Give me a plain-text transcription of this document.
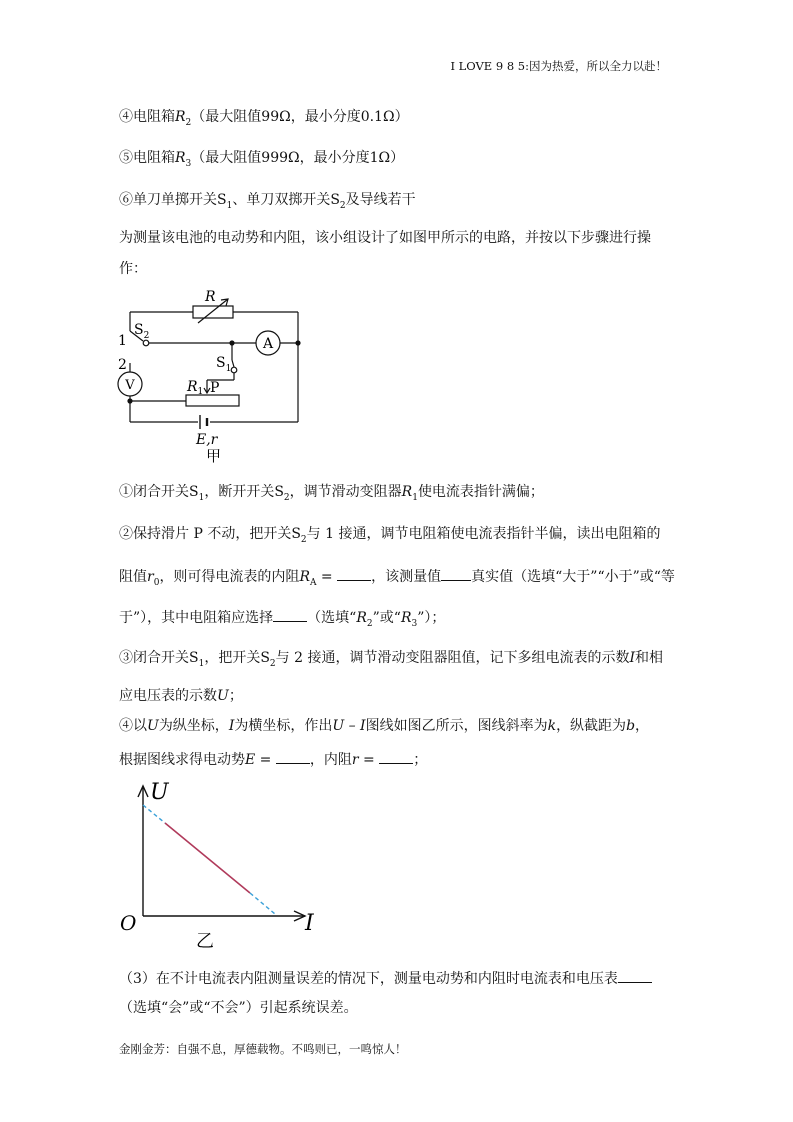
I LOVE 9 8 5:因为热爱，所以全力以赴！
④电阻箱$R_2$（最大阻值99Ω，最小分度0.1Ω）
⑤电阻箱$R_3$（最大阻值999Ω，最小分度1Ω）
⑥单刀单掷开关$S_1$、单刀双掷开关$S_2$及导线若干
为测量该电池的电动势和内阻，该小组设计了如图甲所示的电路，并按以下步骤进行操
作：
R
$S_2$
1
2	$S_1$
A
V	$R_1$ P
E,r
甲
①闭合开关$S_1$，断开开关$S_2$，调节滑动变阻器$R_1$使电流表指针满偏；
②保持滑片 P 不动，把开关$S_2$与 1 接通，调节电阻箱使电流表指针半偏，读出电阻箱的
阻值$r_0$，则可得电流表的内阻$R_A$ = ，该测量值 真实值（选填“大于”“小于”或“等
于”），其中电阻箱应选择 （选填“$R_2$”或“$R_3$”）；
③闭合开关$S_1$，把开关$S_2$与 2 接通，调节滑动变阻器阻值，记下多组电流表的示数I和相
应电压表的示数U；
④以U为纵坐标，I为横坐标，作出U – I图线如图乙所示，图线斜率为k，纵截距为b，
根据图线求得电动势E = ，内阻r = ；
U
I
O
乙
（3）在不计电流表内阻测量误差的情况下，测量电动势和内阻时电流表和电压表
（选填“会”或“不会”）引起系统误差。
金刚金芳：自强不息，厚德载物。不鸣则已，一鸣惊人！
